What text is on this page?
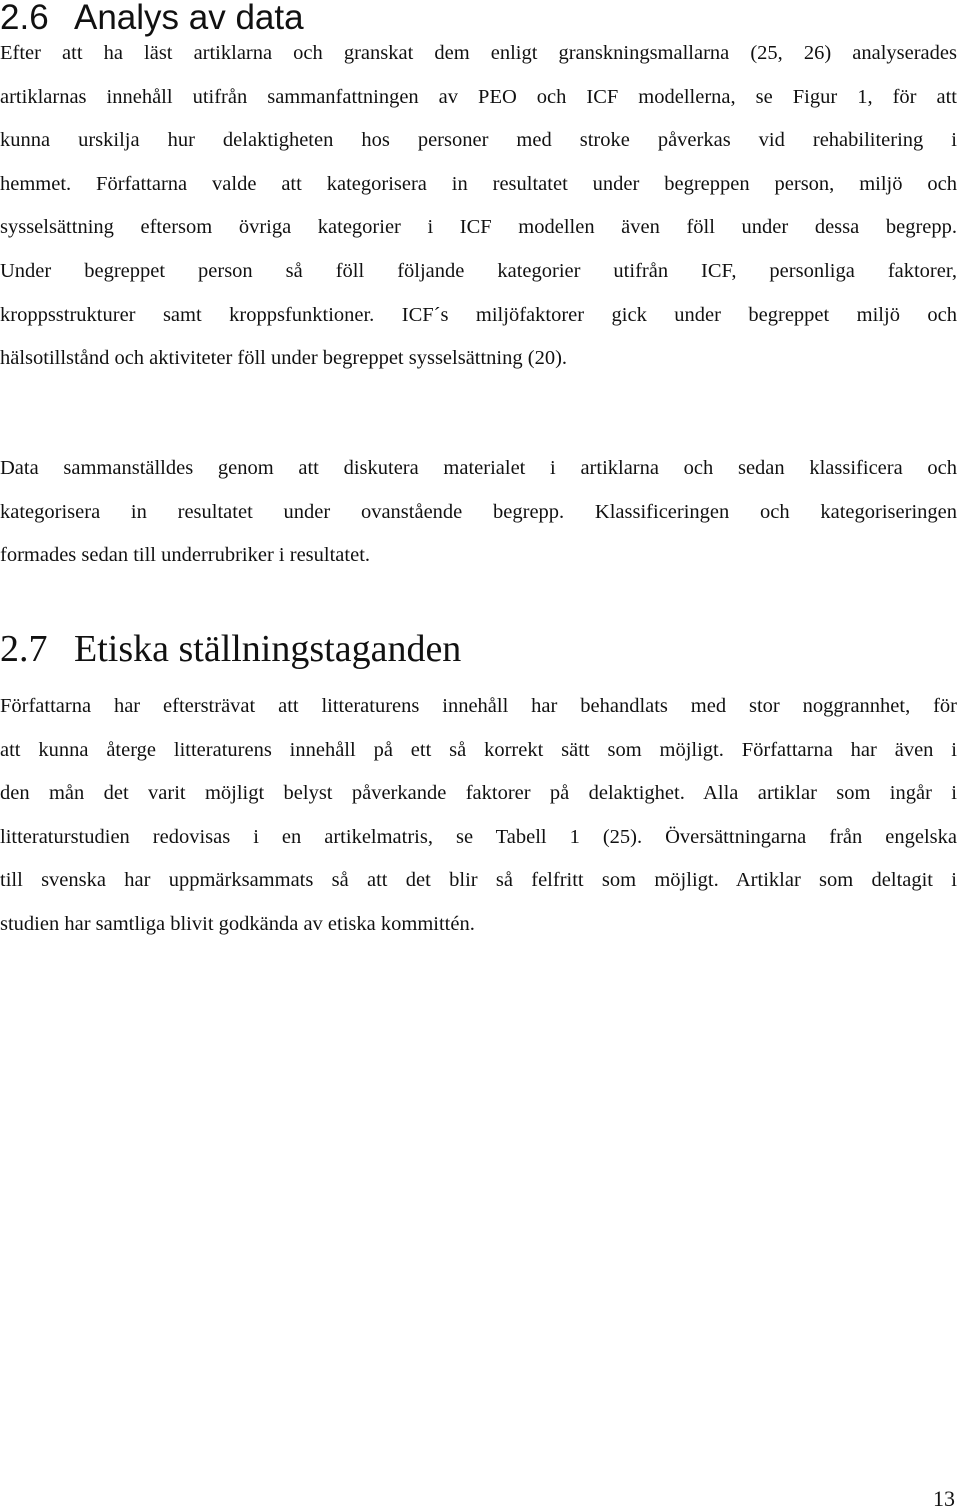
2.6 Analys av data

Efter att ha läst artiklarna och granskat dem enligt granskningsmallarna (25, 26) analyserades
artiklarnas innehåll utifrån sammanfattningen av PEO och ICF modellerna, se Figur 1, för att
kunna urskilja hur delaktigheten hos personer med stroke påverkas vid rehabilitering i
hemmet. Författarna valde att kategorisera in resultatet under begreppen person, miljö och
sysselsättning eftersom övriga kategorier i ICF modellen även föll under dessa begrepp.
Under begreppet person så föll följande kategorier utifrån ICF, personliga faktorer,
kroppsstrukturer samt kroppsfunktioner. ICF´s miljöfaktorer gick under begreppet miljö och
hälsotillstånd och aktiviteter föll under begreppet sysselsättning (20).

Data sammanställdes genom att diskutera materialet i artiklarna och sedan klassificera och
kategorisera in resultatet under ovanstående begrepp. Klassificeringen och kategoriseringen
formades sedan till underrubriker i resultatet.

2.7 Etiska ställningstaganden

Författarna har eftersträvat att litteraturens innehåll har behandlats med stor noggrannhet, för
att kunna återge litteraturens innehåll på ett så korrekt sätt som möjligt. Författarna har även i
den mån det varit möjligt belyst påverkande faktorer på delaktighet. Alla artiklar som ingår i
litteraturstudien redovisas i en artikelmatris, se Tabell 1 (25). Översättningarna från engelska
till svenska har uppmärksammats så att det blir så felfritt som möjligt. Artiklar som deltagit i
studien har samtliga blivit godkända av etiska kommittén.

13
